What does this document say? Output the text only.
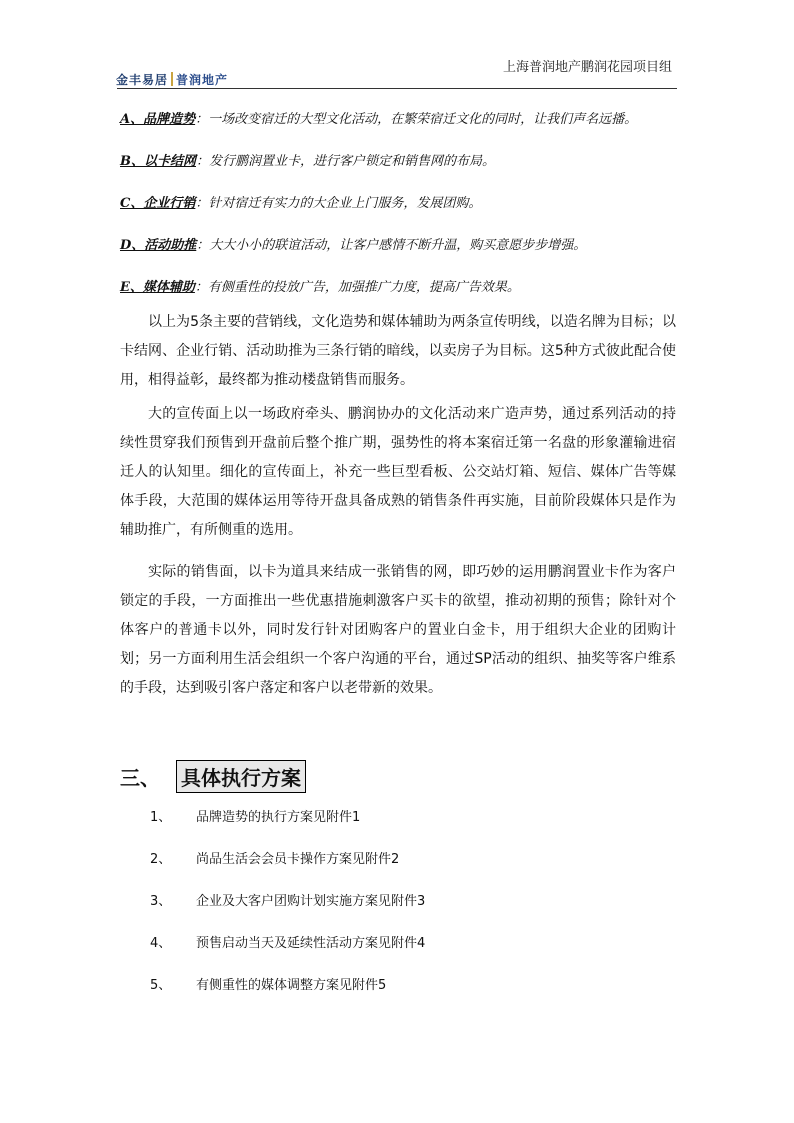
金丰易居 普润地产
上海普润地产鹏润花园项目组
A、品牌造势：一场改变宿迁的大型文化活动，在繁荣宿迁文化的同时，让我们声名远播。
B、以卡结网：发行鹏润置业卡，进行客户锁定和销售网的布局。
C、企业行销：针对宿迁有实力的大企业上门服务，发展团购。
D、活动助推：大大小小的联谊活动，让客户感情不断升温，购买意愿步步增强。
E、媒体辅助：有侧重性的投放广告，加强推广力度，提高广告效果。
以上为5条主要的营销线，文化造势和媒体辅助为两条宣传明线，以造名牌为目标；以卡结网、企业行销、活动助推为三条行销的暗线，以卖房子为目标。这5种方式彼此配合使用，相得益彰，最终都为推动楼盘销售而服务。
大的宣传面上以一场政府牵头、鹏润协办的文化活动来广造声势，通过系列活动的持续性贯穿我们预售到开盘前后整个推广期，强势性的将本案宿迁第一名盘的形象灌输进宿迁人的认知里。细化的宣传面上，补充一些巨型看板、公交站灯箱、短信、媒体广告等媒体手段，大范围的媒体运用等待开盘具备成熟的销售条件再实施，目前阶段媒体只是作为辅助推广，有所侧重的选用。
实际的销售面，以卡为道具来结成一张销售的网，即巧妙的运用鹏润置业卡作为客户锁定的手段，一方面推出一些优惠措施刺激客户买卡的欲望，推动初期的预售；除针对个体客户的普通卡以外，同时发行针对团购客户的置业白金卡，用于组织大企业的团购计划；另一方面利用生活会组织一个客户沟通的平台，通过SP活动的组织、抽奖等客户维系的手段，达到吸引客户落定和客户以老带新的效果。
三、	具体执行方案
1、	品牌造势的执行方案见附件1
2、	尚品生活会会员卡操作方案见附件2
3、	企业及大客户团购计划实施方案见附件3
4、	预售启动当天及延续性活动方案见附件4
5、	有侧重性的媒体调整方案见附件5
